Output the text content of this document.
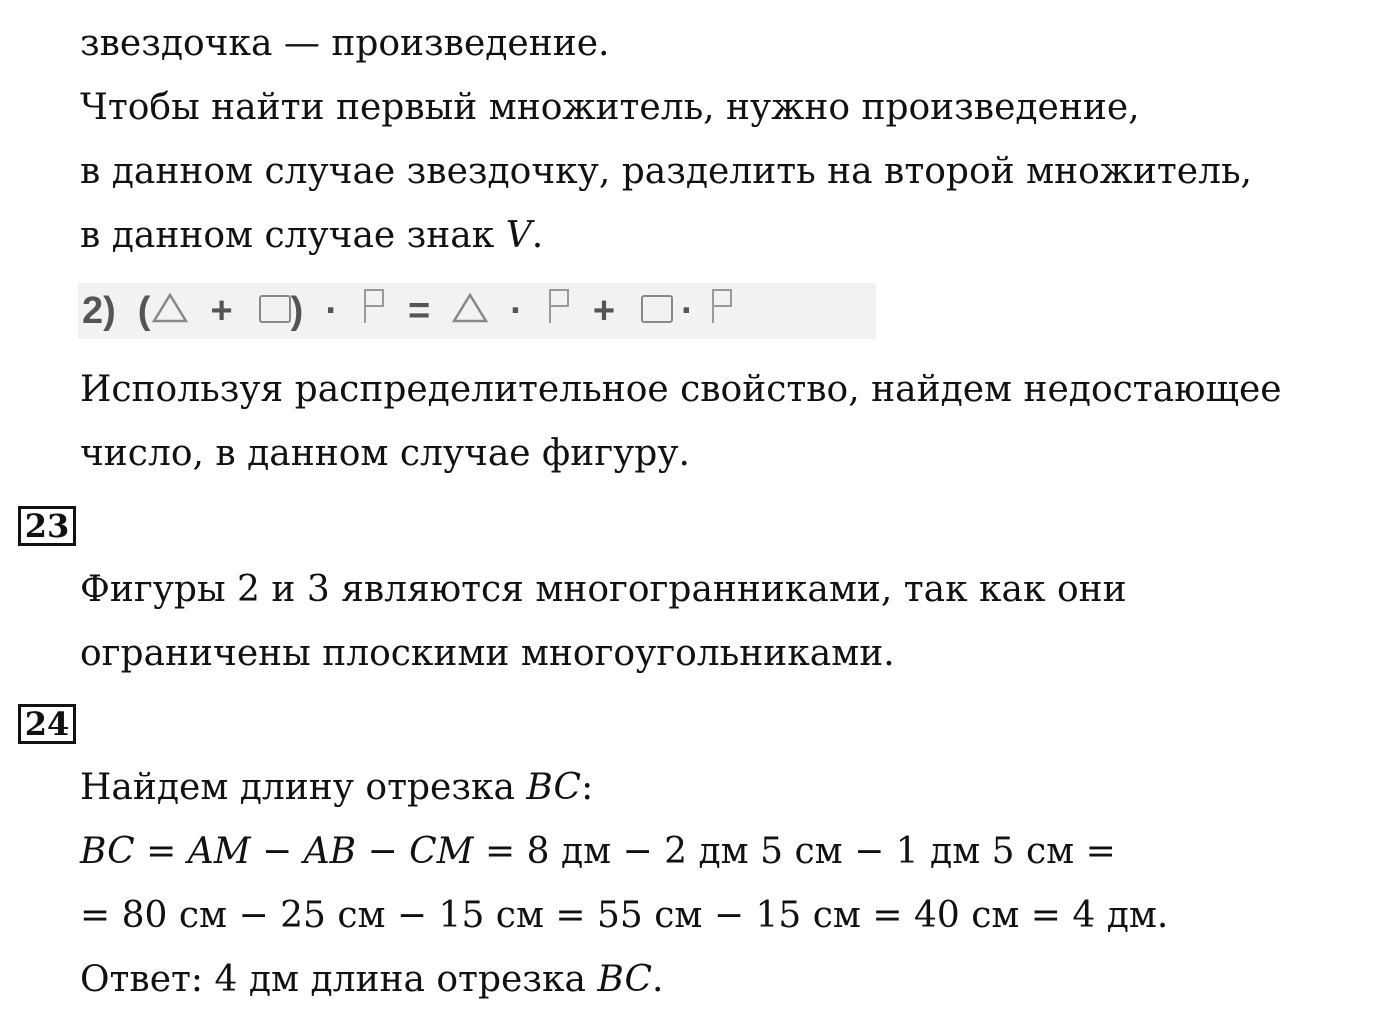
звездочка — произведение.
Чтобы найти первый множитель, нужно произведение,
в данном случае звездочку, разделить на второй множитель,
в данном случае знак V.
2) ( + ) · = · + ·
Используя распределительное свойство, найдем недостающее
число, в данном случае фигуру.
23
Фигуры 2 и 3 являются многогранниками, так как они
ограничены плоскими многоугольниками.
24
Найдем длину отрезка BC:
BC = AM − AB − CM = 8 дм − 2 дм 5 см − 1 дм 5 см =
= 80 см − 25 см − 15 см = 55 см − 15 см = 40 см = 4 дм.
Ответ: 4 дм длина отрезка BC.
